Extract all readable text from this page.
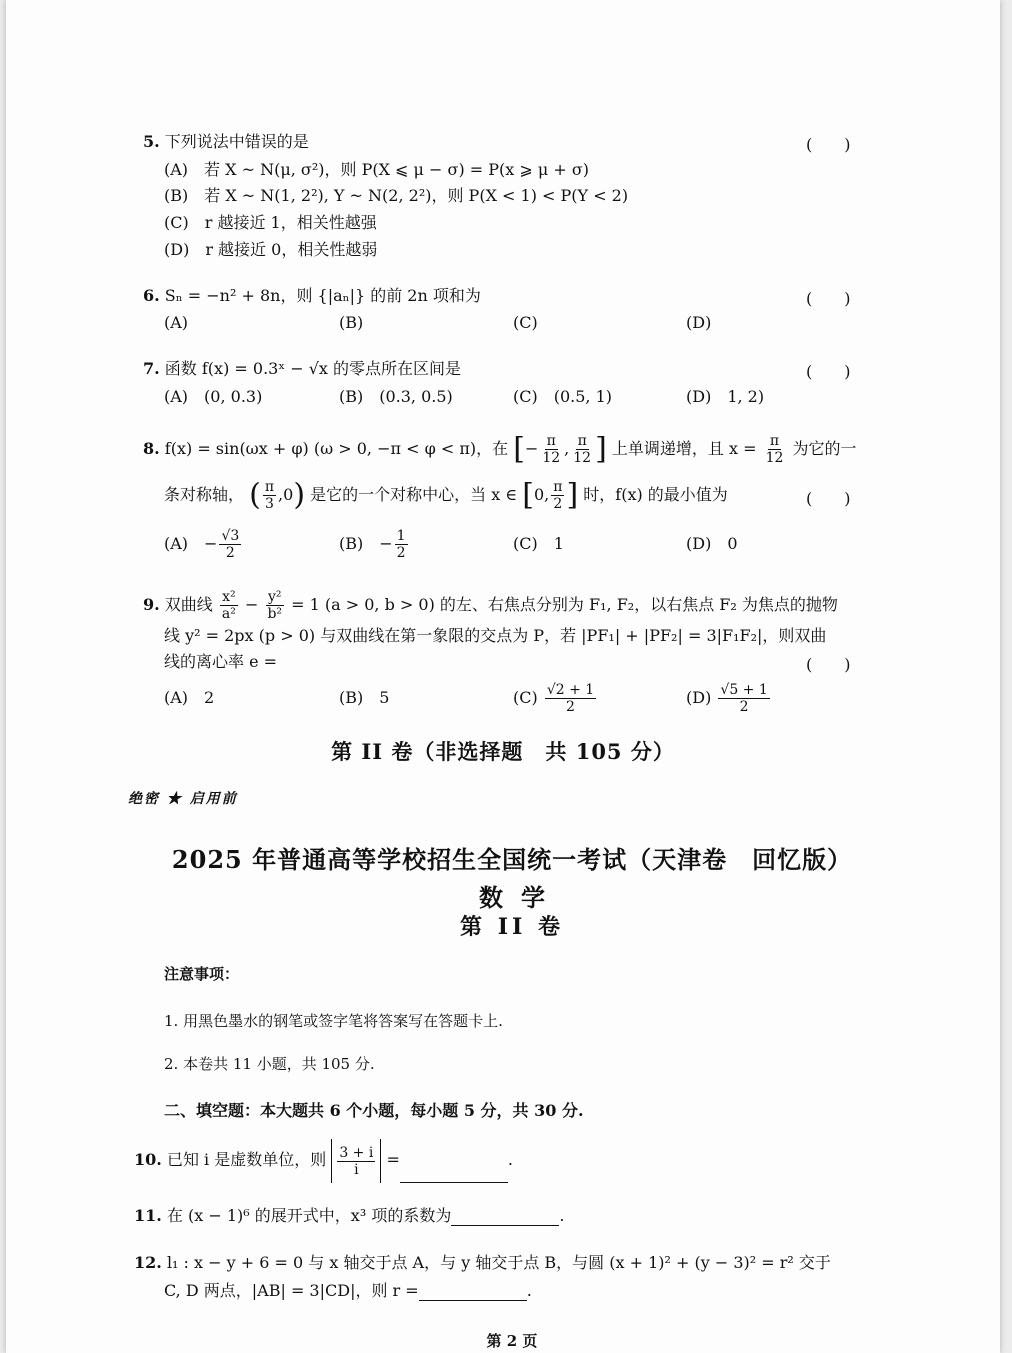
5. 下列说法中错误的是	(　　)
(A)　若 X ~ N(μ, σ²)，则 P(X ⩽ μ − σ) = P(x ⩾ μ + σ)
(B)　若 X ~ N(1, 2²), Y ~ N(2, 2²)，则 P(X < 1) < P(Y < 2)
(C)　r 越接近 1，相关性越强
(D)　r 越接近 0，相关性越弱
6. Sₙ = −n² + 8n，则 {|aₙ|} 的前 2n 项和为	(　　)
(A)	(B)	(C)	(D)
7. 函数 f(x) = 0.3ˣ − √x 的零点所在区间是	(　　)
(A)　(0, 0.3)	(B)　(0.3, 0.5)	(C)　(0.5, 1)	(D)　1, 2)
8. f(x) = sin(ωx + φ) (ω > 0, −π < φ < π)，在 [− $\frac{\pi}{12}$ , $\frac{\pi}{12}$ ] 上单调递增，且 $x = \frac{\pi}{12}$ 为它的一
条对称轴， ( $\frac{\pi}{3} ,0$) 是它的一个对称中心，当 x ∈ [0, $\frac{\pi}{2}$ ] 时，f(x) 的最小值为	(　　)
(A)　− $\frac{√3}{2}$	(B)　− $\frac{1}{2}$	(C)　1	(D)　0
9. 双曲线 $\frac{\text{x²}}{\text{a²}} - \frac{\text{y²}}{\text{b²}} = 1$ (a > 0, b > 0) 的左、右焦点分别为 F₁, F₂，以右焦点 F₂ 为焦点的抛物
线 y² = 2px (p > 0) 与双曲线在第一象限的交点为 P，若 |PF₁| + |PF₂| = 3|F₁F₂|，则双曲
线的离心率 e =	(　　)
(A)　2	(B)　5	$(C) \frac{√2 + 1}{2}$	$(D) \frac{√5 + 1}{2}$
第 II 卷（非选择题　共 105 分）
绝密 ★ 启用前
2025 年普通高等学校招生全国统一考试（天津卷　回忆版）
数学
第 II 卷
注意事项：
1. 用黑色墨水的钢笔或签字笔将答案写在答题卡上.
2. 本卷共 11 小题，共 105 分.
二、填空题：本大题共 6 个小题，每小题 5 分，共 30 分.
10. 已知 i 是虚数单位，则 $\frac{3 + i}{i}$ =	.
11. 在 (x − 1)⁶ 的展开式中，x³ 项的系数为	.
12. l₁ : x − y + 6 = 0 与 x 轴交于点 A，与 y 轴交于点 B，与圆 (x + 1)² + (y − 3)² = r² 交于
C, D 两点，|AB| = 3|CD|，则 r =	.
第 2 页
